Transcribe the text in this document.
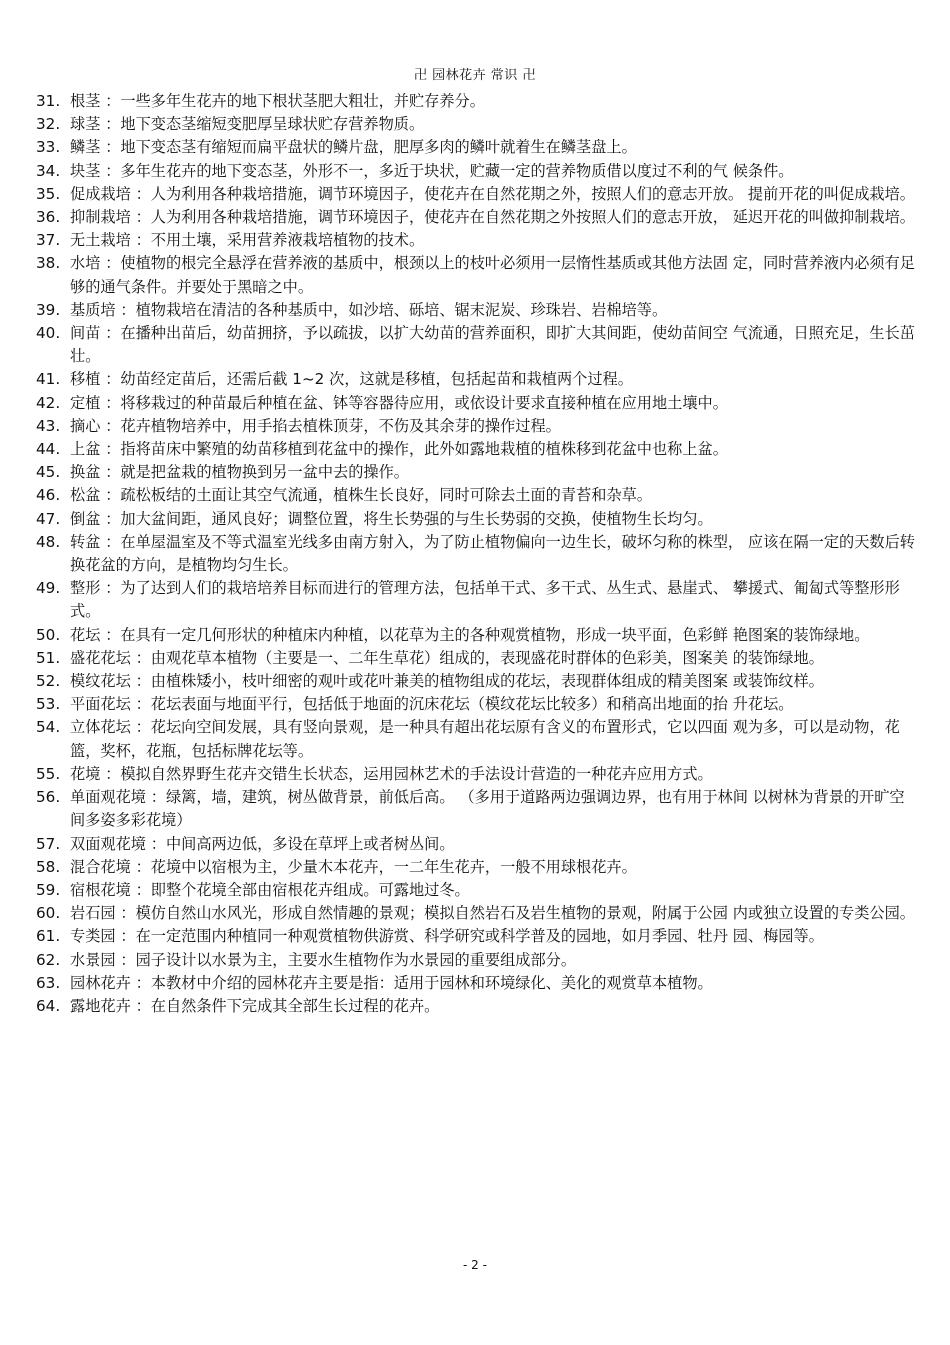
卍 园林花卉 常识 卍
31. 根茎 ：一些多年生花卉的地下根状茎肥大粗壮，并贮存养分。
32. 球茎 ：地下变态茎缩短变肥厚呈球状贮存营养物质。
33. 鳞茎 ：地下变态茎有缩短而扁平盘状的鳞片盘，肥厚多肉的鳞叶就着生在鳞茎盘上。
34. 块茎 ：多年生花卉的地下变态茎，外形不一，多近于块状，贮藏一定的营养物质借以度过不利的气 候条件。
35. 促成栽培 ：人为利用各种栽培措施，调节环境因子，使花卉在自然花期之外，按照人们的意志开放。 提前开花的叫促成栽培。
36. 抑制栽培 ：人为利用各种栽培措施，调节环境因子，使花卉在自然花期之外按照人们的意志开放， 延迟开花的叫做抑制栽培。
37. 无土栽培 ：不用土壤，采用营养液栽培植物的技术。
38. 水培 ：使植物的根完全悬浮在营养液的基质中，根颈以上的枝叶必须用一层惰性基质或其他方法固 定，同时营养液内必须有足够的通气条件。并要处于黑暗之中。
39. 基质培 ：植物栽培在清洁的各种基质中，如沙培、砾培、锯末泥炭、珍珠岩、岩棉培等。
40. 间苗 ：在播种出苗后，幼苗拥挤，予以疏拔，以扩大幼苗的营养面积，即扩大其间距，使幼苗间空 气流通，日照充足，生长茁壮。
41. 移植 ：幼苗经定苗后，还需后截 1~2 次，这就是移植，包括起苗和栽植两个过程。
42. 定植 ：将移栽过的种苗最后种植在盆、钵等容器待应用，或依设计要求直接种植在应用地土壤中。
43. 摘心 ：花卉植物培养中，用手掐去植株顶芽，不伤及其余芽的操作过程。
44. 上盆 ：指将苗床中繁殖的幼苗移植到花盆中的操作，此外如露地栽植的植株移到花盆中也称上盆。
45. 换盆 ：就是把盆栽的植物换到另一盆中去的操作。
46. 松盆 ：疏松板结的土面让其空气流通，植株生长良好，同时可除去土面的青苔和杂草。
47. 倒盆 ：加大盆间距，通风良好；调整位置，将生长势强的与生长势弱的交换，使植物生长均匀。
48. 转盆 ：在单屋温室及不等式温室光线多由南方射入，为了防止植物偏向一边生长，破坏匀称的株型， 应该在隔一定的天数后转换花盆的方向，是植物均匀生长。
49. 整形 ：为了达到人们的栽培培养目标而进行的管理方法，包括单干式、多干式、丛生式、悬崖式、 攀援式、匍匐式等整形形式。
50. 花坛 ：在具有一定几何形状的种植床内种植，以花草为主的各种观赏植物，形成一块平面，色彩鲜 艳图案的装饰绿地。
51. 盛花花坛 ：由观花草本植物（主要是一、二年生草花）组成的，表现盛花时群体的色彩美，图案美 的装饰绿地。
52. 模纹花坛 ：由植株矮小，枝叶细密的观叶或花叶兼美的植物组成的花坛，表现群体组成的精美图案 或装饰纹样。
53. 平面花坛 ：花坛表面与地面平行，包括低于地面的沉床花坛（模纹花坛比较多）和稍高出地面的抬 升花坛。
54. 立体花坛 ：花坛向空间发展，具有竖向景观，是一种具有超出花坛原有含义的布置形式，它以四面 观为多，可以是动物，花篮，奖杯，花瓶，包括标牌花坛等。
55. 花境 ：模拟自然界野生花卉交错生长状态，运用园林艺术的手法设计营造的一种花卉应用方式。
56. 单面观花境 ：绿篱，墙，建筑，树丛做背景，前低后高。 （多用于道路两边强调边界，也有用于林间 以树林为背景的开旷空间多姿多彩花境）
57. 双面观花境 ：中间高两边低，多设在草坪上或者树丛间。
58. 混合花境 ：花境中以宿根为主，少量木本花卉，一二年生花卉，一般不用球根花卉。
59. 宿根花境 ：即整个花境全部由宿根花卉组成。可露地过冬。
60. 岩石园 ：模仿自然山水风光，形成自然情趣的景观；模拟自然岩石及岩生植物的景观，附属于公园 内或独立设置的专类公园。
61. 专类园 ：在一定范围内种植同一种观赏植物供游赏、科学研究或科学普及的园地，如月季园、牡丹 园、梅园等。
62. 水景园 ：园子设计以水景为主，主要水生植物作为水景园的重要组成部分。
63. 园林花卉 ：本教材中介绍的园林花卉主要是指：适用于园林和环境绿化、美化的观赏草本植物。
64. 露地花卉 ：在自然条件下完成其全部生长过程的花卉。
- 2 -
